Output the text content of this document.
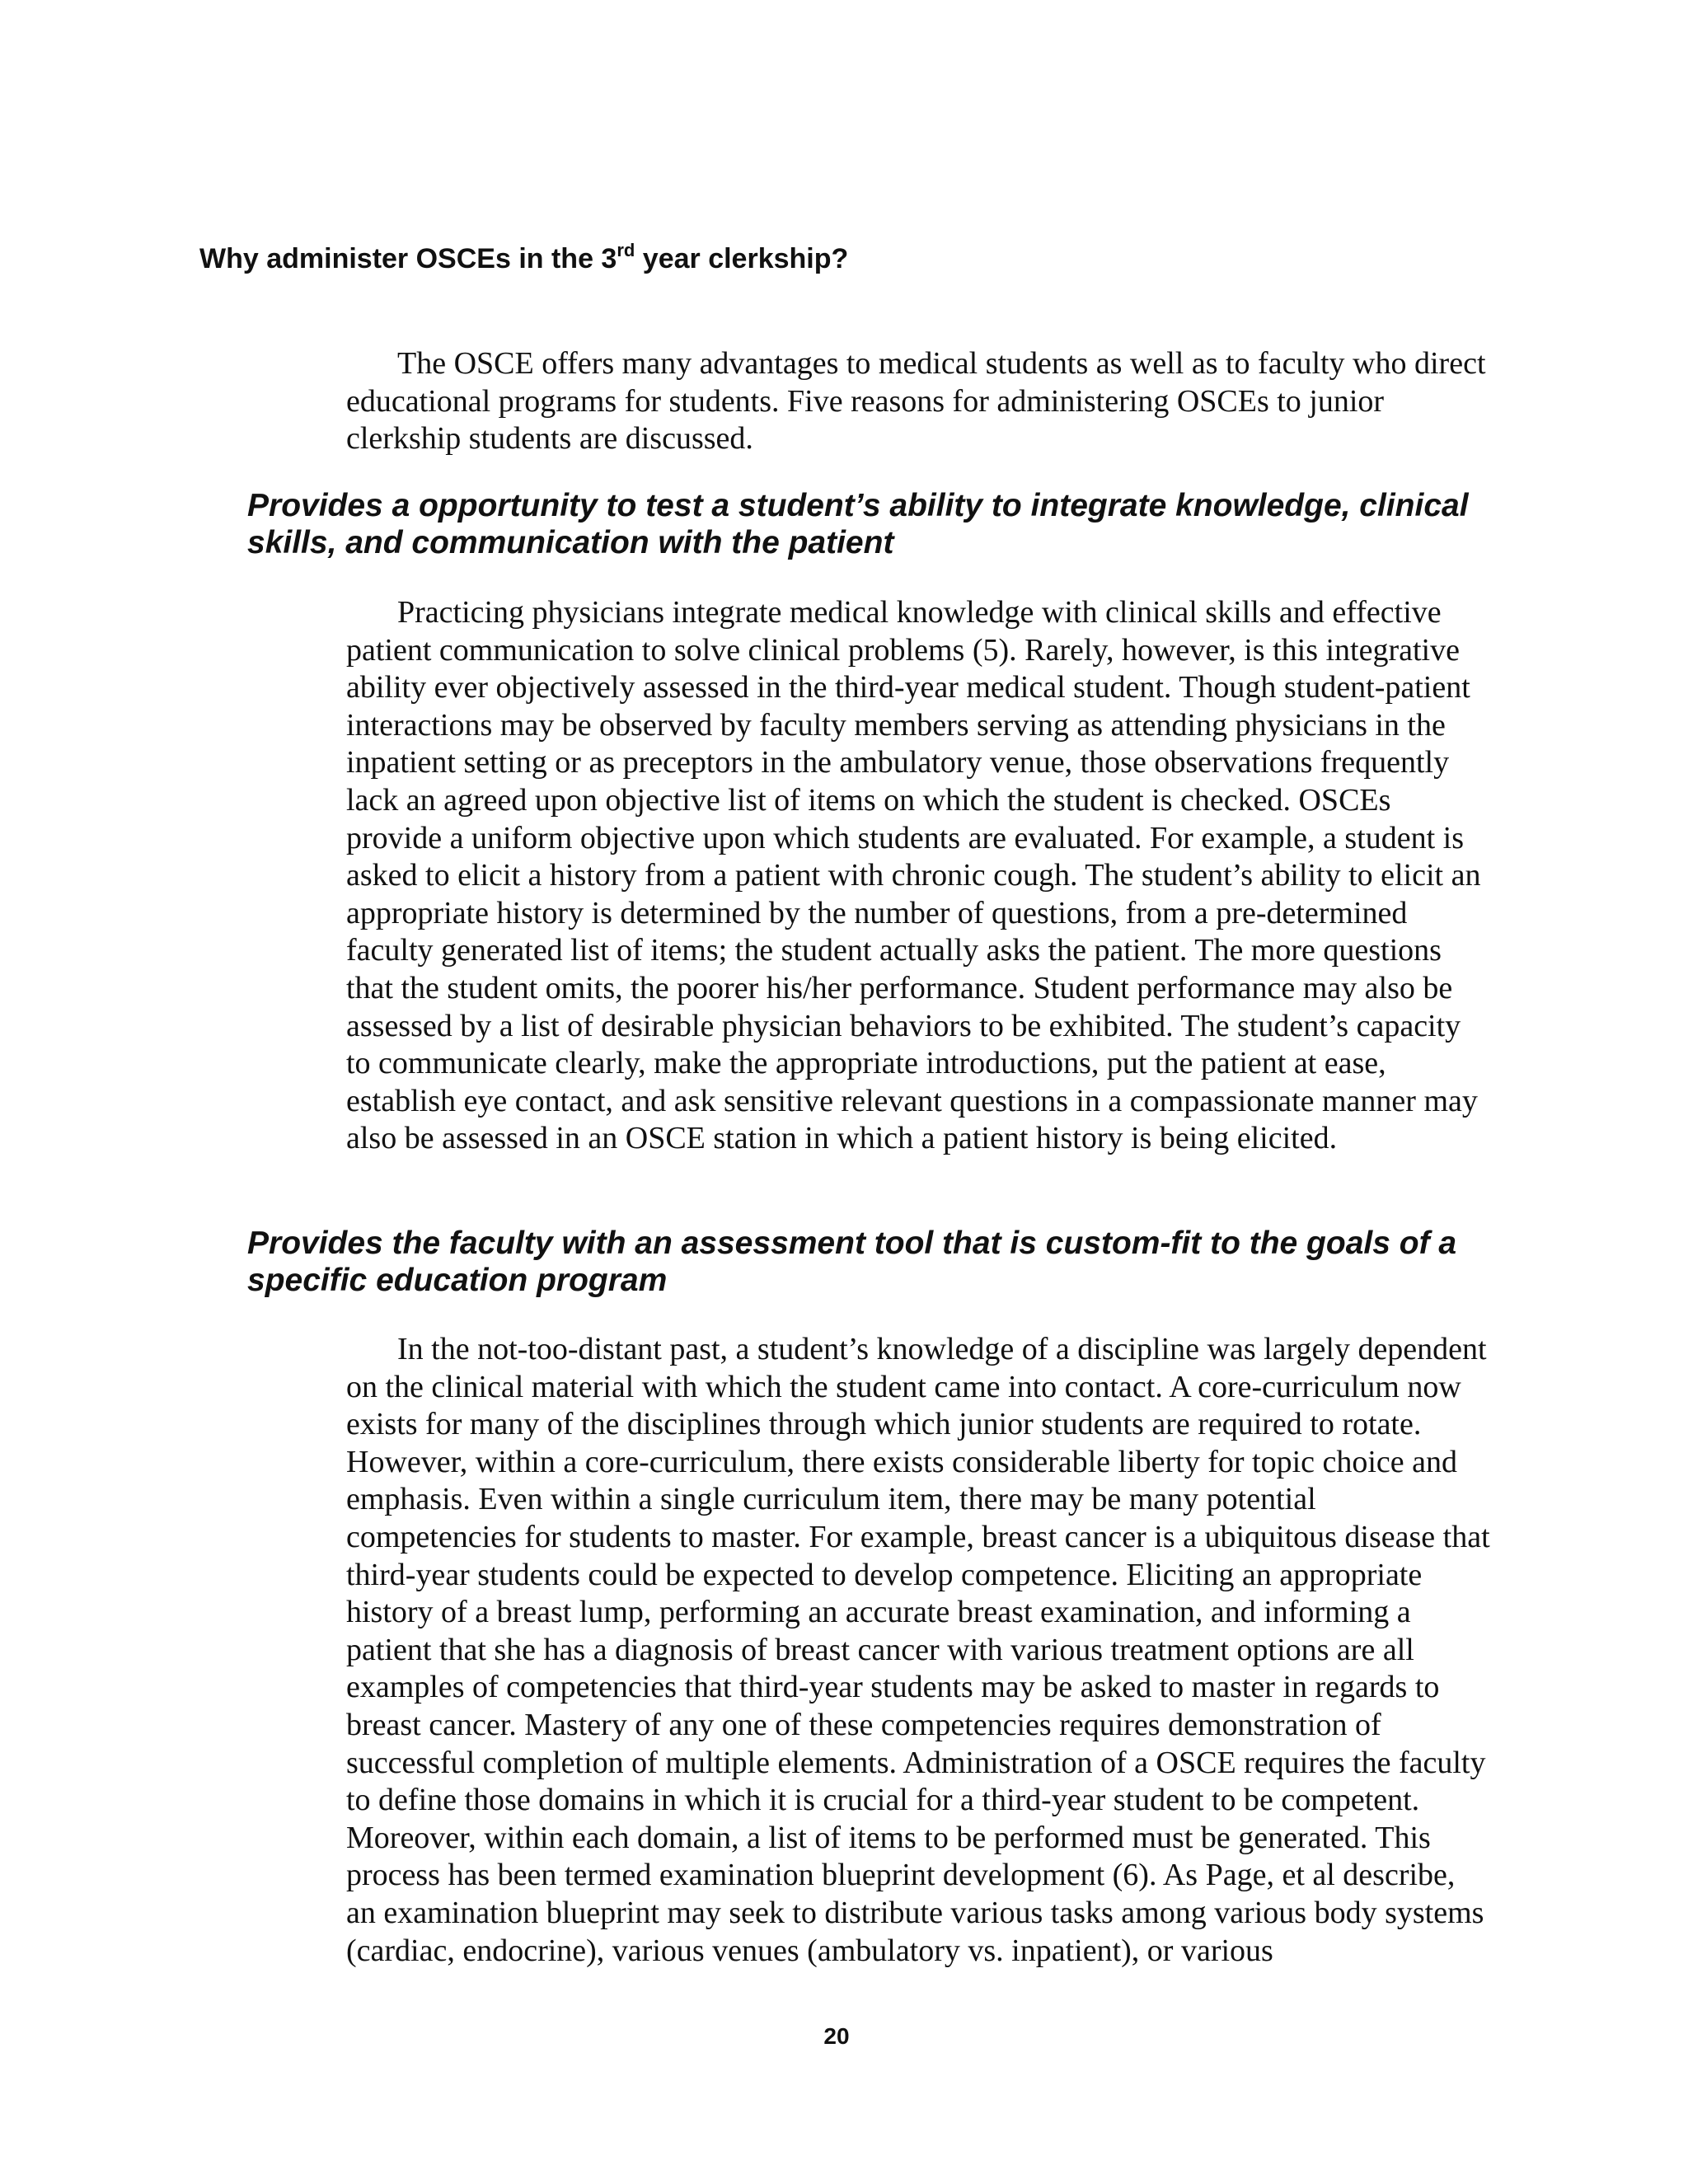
Why administer OSCEs in the 3rd year clerkship?

The OSCE offers many advantages to medical students as well as to faculty who direct educational programs for students. Five reasons for administering OSCEs to junior clerkship students are discussed.

Provides a opportunity to test a student’s ability to integrate knowledge, clinical skills, and communication with the patient

Practicing physicians integrate medical knowledge with clinical skills and effective patient communication to solve clinical problems (5). Rarely, however, is this integrative ability ever objectively assessed in the third-year medical student. Though student-patient interactions may be observed by faculty members serving as attending physicians in the inpatient setting or as preceptors in the ambulatory venue, those observations frequently lack an agreed upon objective list of items on which the student is checked. OSCEs provide a uniform objective upon which students are evaluated. For example, a student is asked to elicit a history from a patient with chronic cough. The student’s ability to elicit an appropriate history is determined by the number of questions, from a pre-determined faculty generated list of items; the student actually asks the patient. The more questions that the student omits, the poorer his/her performance. Student performance may also be assessed by a list of desirable physician behaviors to be exhibited. The student’s capacity to communicate clearly, make the appropriate introductions, put the patient at ease, establish eye contact, and ask sensitive relevant questions in a compassionate manner may also be assessed in an OSCE station in which a patient history is being elicited.

Provides the faculty with an assessment tool that is custom-fit to the goals of a specific education program

In the not-too-distant past, a student’s knowledge of a discipline was largely dependent on the clinical material with which the student came into contact. A core-curriculum now exists for many of the disciplines through which junior students are required to rotate. However, within a core-curriculum, there exists considerable liberty for topic choice and emphasis. Even within a single curriculum item, there may be many potential competencies for students to master. For example, breast cancer is a ubiquitous disease that third-year students could be expected to develop competence. Eliciting an appropriate history of a breast lump, performing an accurate breast examination, and informing a patient that she has a diagnosis of breast cancer with various treatment options are all examples of competencies that third-year students may be asked to master in regards to breast cancer. Mastery of any one of these competencies requires demonstration of successful completion of multiple elements. Administration of a OSCE requires the faculty to define those domains in which it is crucial for a third-year student to be competent. Moreover, within each domain, a list of items to be performed must be generated. This process has been termed examination blueprint development (6). As Page, et al describe, an examination blueprint may seek to distribute various tasks among various body systems (cardiac, endocrine), various venues (ambulatory vs. inpatient), or various

20
